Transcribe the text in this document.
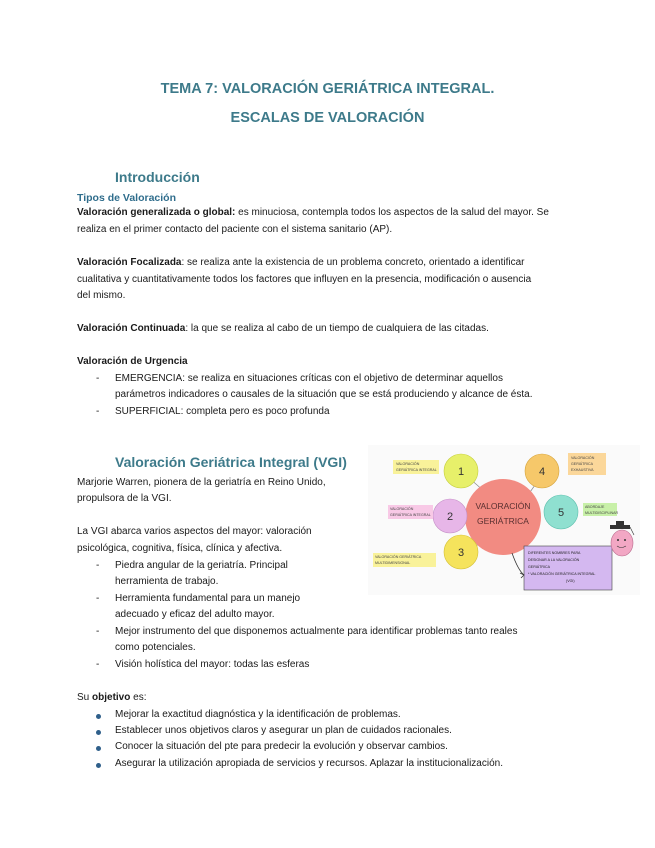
TEMA 7: VALORACIÓN GERIÁTRICA INTEGRAL.
ESCALAS DE VALORACIÓN
Introducción
Tipos de Valoración
Valoración generalizada o global: es minuciosa, contempla todos los aspectos de la salud del mayor. Se
realiza en el primer contacto del paciente con el sistema sanitario (AP).
Valoración Focalizada: se realiza ante la existencia de un problema concreto, orientado a identificar
cualitativa y cuantitativamente todos los factores que influyen en la presencia, modificación o ausencia
del mismo.
Valoración Continuada: la que se realiza al cabo de un tiempo de cualquiera de las citadas.
Valoración de Urgencia
- EMERGENCIA: se realiza en situaciones críticas con el objetivo de determinar aquellos
parámetros indicadores o causales de la situación que se está produciendo y alcance de ésta.
- SUPERFICIAL: completa pero es poco profunda
Valoración Geriátrica Integral (VGI)
Marjorie Warren, pionera de la geriatría en Reino Unido,
propulsora de la VGI.
La VGI abarca varios aspectos del mayor: valoración
psicológica, cognitiva, física, clínica y afectiva.
- Piedra angular de la geriatría. Principal
herramienta de trabajo.
- Herramienta fundamental para un manejo
adecuado y eficaz del adulto mayor.
- Mejor instrumento del que disponemos actualmente para identificar problemas tanto reales
como potenciales.
- Visión holística del mayor: todas las esferas
VALORACIÓN
GERIÁTRICA
1
2
3
4
5
VALORACIÓN
GERIÁTRICA INTEGRAL
VALORACIÓN
GERIÁTRICA INTEGRAL
VALORACIÓN GERIÁTRICA
MULTIDIMENSIONAL
VALORACIÓN
GERIÁTRICA
EXHAUSTIVA
ABORDAJE
MULTIDISCIPLINAR
DIFERENTES NOMBRES PARA
DESIGNAR A LA VALORACIÓN
GERIÁTRICA
* VALORACIÓN GERIÁTRICA INTEGRAL
(VGI)
Su objetivo es:
Mejorar la exactitud diagnóstica y la identificación de problemas.
Establecer unos objetivos claros y asegurar un plan de cuidados racionales.
Conocer la situación del pte para predecir la evolución y observar cambios.
Asegurar la utilización apropiada de servicios y recursos. Aplazar la institucionalización.
